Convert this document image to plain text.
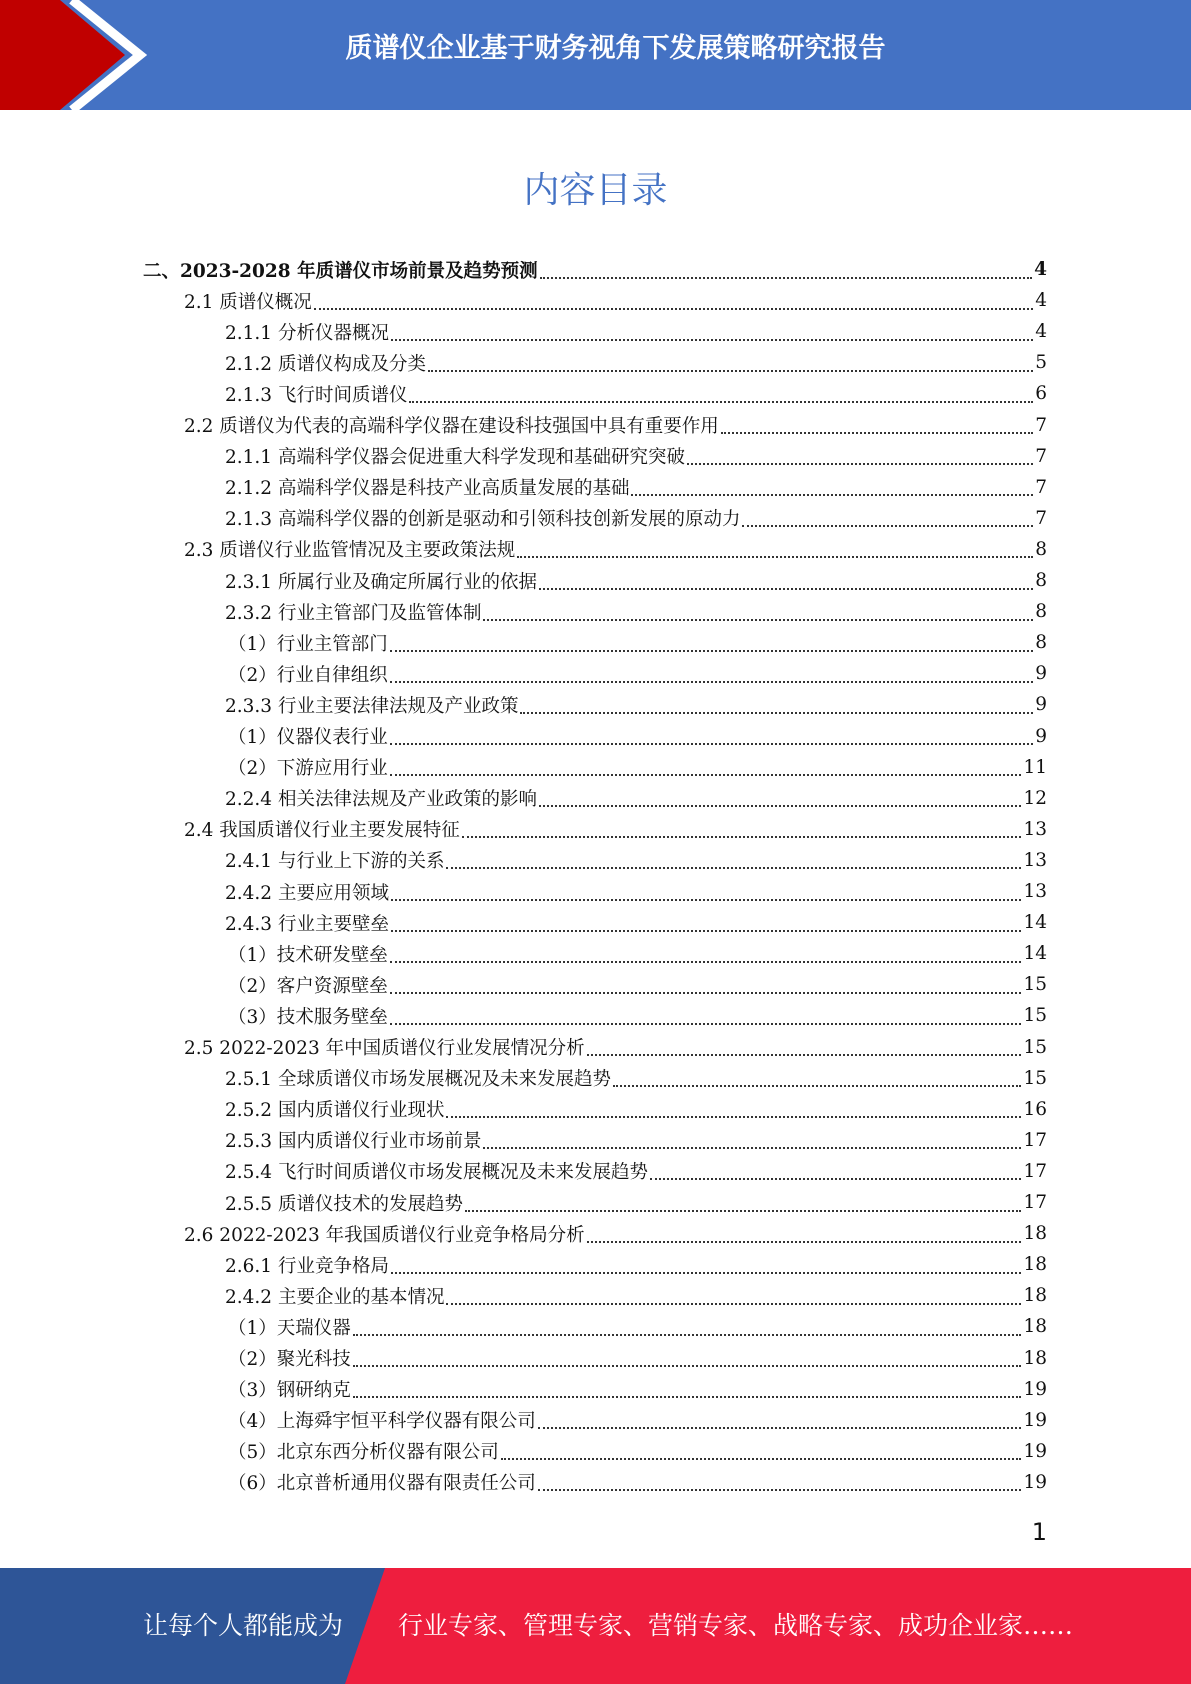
质谱仪企业基于财务视角下发展策略研究报告
内容目录
二、2023-2028 年质谱仪市场前景及趋势预测	4
2.1 质谱仪概况	4
2.1.1 分析仪器概况	4
2.1.2 质谱仪构成及分类	5
2.1.3 飞行时间质谱仪	6
2.2 质谱仪为代表的高端科学仪器在建设科技强国中具有重要作用	7
2.1.1 高端科学仪器会促进重大科学发现和基础研究突破	7
2.1.2 高端科学仪器是科技产业高质量发展的基础	7
2.1.3 高端科学仪器的创新是驱动和引领科技创新发展的原动力	7
2.3 质谱仪行业监管情况及主要政策法规	8
2.3.1 所属行业及确定所属行业的依据	8
2.3.2 行业主管部门及监管体制	8
（1）行业主管部门	8
（2）行业自律组织	9
2.3.3 行业主要法律法规及产业政策	9
（1）仪器仪表行业	9
（2）下游应用行业	11
2.2.4 相关法律法规及产业政策的影响	12
2.4 我国质谱仪行业主要发展特征	13
2.4.1 与行业上下游的关系	13
2.4.2 主要应用领域	13
2.4.3 行业主要壁垒	14
（1）技术研发壁垒	14
（2）客户资源壁垒	15
（3）技术服务壁垒	15
2.5 2022-2023 年中国质谱仪行业发展情况分析	15
2.5.1 全球质谱仪市场发展概况及未来发展趋势	15
2.5.2 国内质谱仪行业现状	16
2.5.3 国内质谱仪行业市场前景	17
2.5.4 飞行时间质谱仪市场发展概况及未来发展趋势	17
2.5.5 质谱仪技术的发展趋势	17
2.6 2022-2023 年我国质谱仪行业竞争格局分析	18
2.6.1 行业竞争格局	18
2.4.2 主要企业的基本情况	18
（1）天瑞仪器	18
（2）聚光科技	18
（3）钢研纳克	19
（4）上海舜宇恒平科学仪器有限公司	19
（5）北京东西分析仪器有限公司	19
（6）北京普析通用仪器有限责任公司	19
1
让每个人都能成为 行业专家、管理专家、营销专家、战略专家、成功企业家……
